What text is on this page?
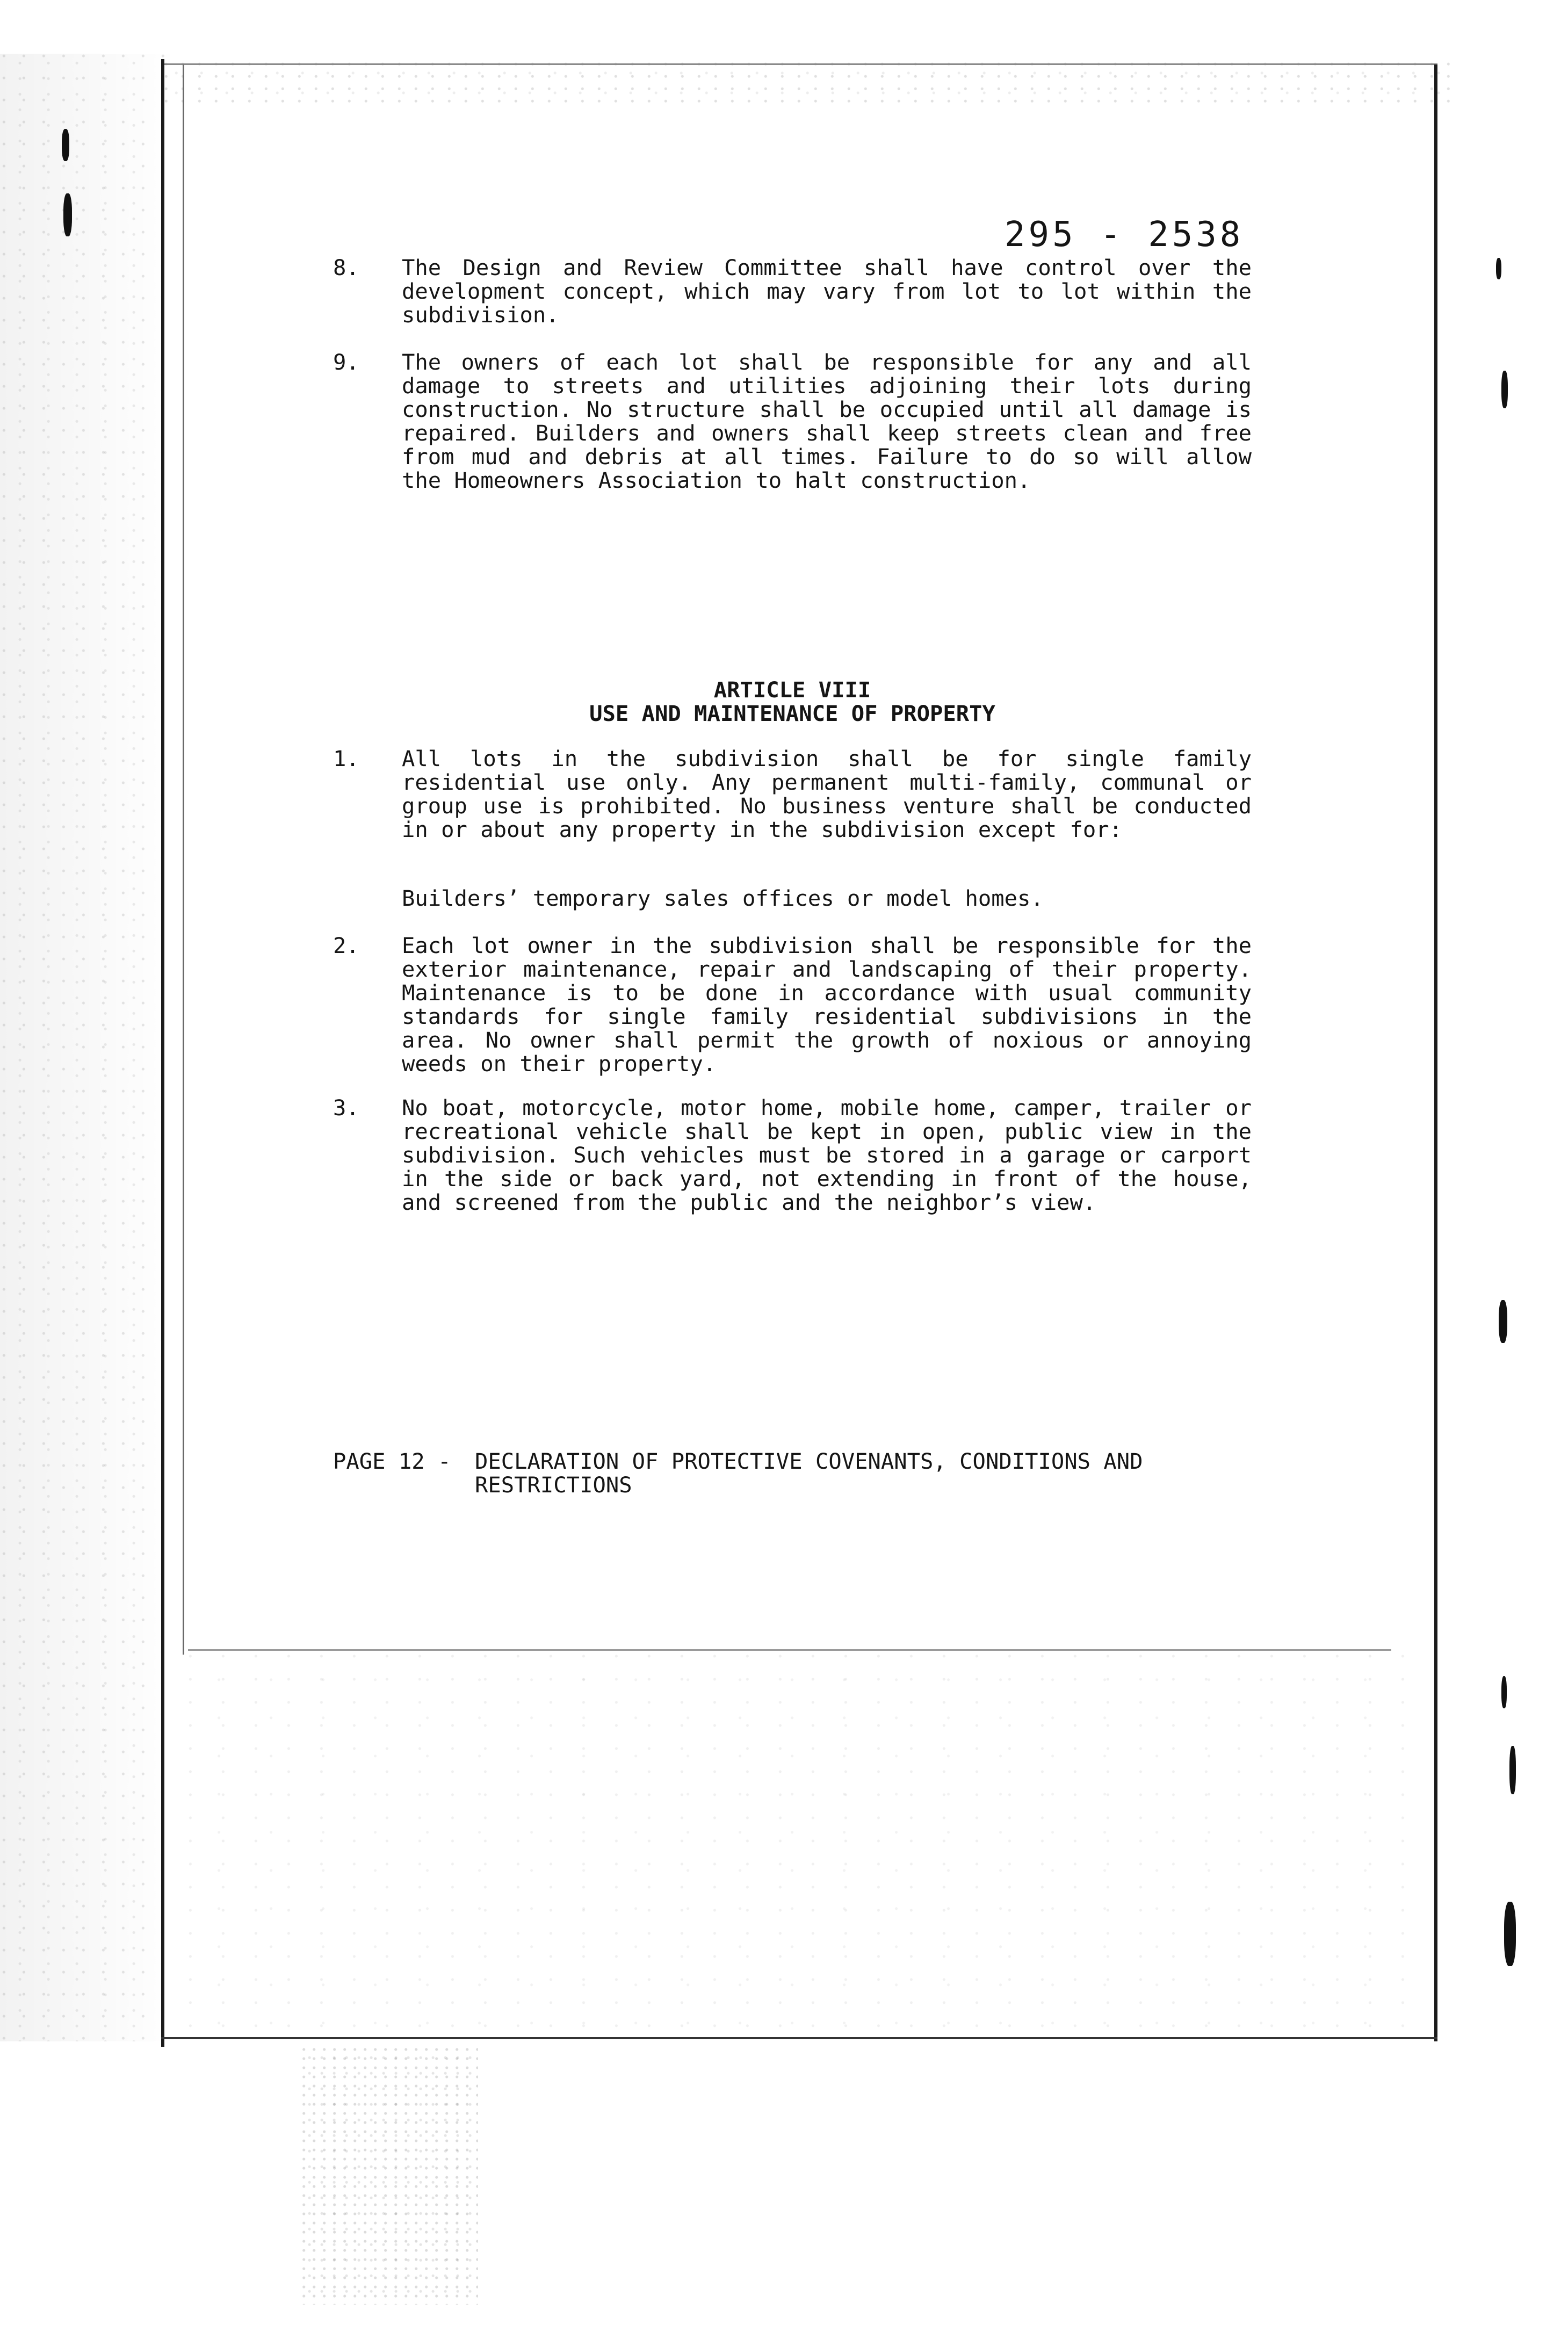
295 - 2538
8. The Design and Review Committee shall have control over the development concept, which may vary from lot to lot within the subdivision.
9. The owners of each lot shall be responsible for any and all damage to streets and utilities adjoining their lots during construction. No structure shall be occupied until all damage is repaired. Builders and owners shall keep streets clean and free from mud and debris at all times. Failure to do so will allow the Homeowners Association to halt construction.
ARTICLE VIII
USE AND MAINTENANCE OF PROPERTY
1. All lots in the subdivision shall be for single family residential use only. Any permanent multi-family, communal or group use is prohibited. No business venture shall be conducted in or about any property in the subdivision except for:
Builders’ temporary sales offices or model homes.
2. Each lot owner in the subdivision shall be responsible for the exterior maintenance, repair and landscaping of their property. Maintenance is to be done in accordance with usual community standards for single family residential subdivisions in the area. No owner shall permit the growth of noxious or annoying weeds on their property.
3. No boat, motorcycle, motor home, mobile home, camper, trailer or recreational vehicle shall be kept in open, public view in the subdivision. Such vehicles must be stored in a garage or carport in the side or back yard, not extending in front of the house, and screened from the public and the neighbor’s view.
PAGE 12 - DECLARATION OF PROTECTIVE COVENANTS, CONDITIONS AND RESTRICTIONS
